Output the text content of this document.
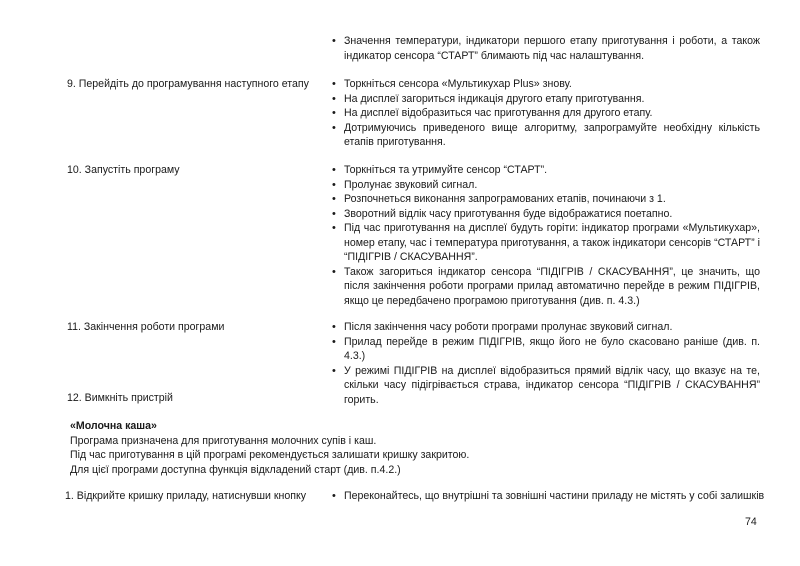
• Значення температури, індикатори першого етапу приготування і роботи, а також індикатор сенсора “СТАРТ” блимають під час налаштування.
9. Перейдіть до програмування наступного етапу	• Торкніться сенсора «Мультикухар Plus» знову.
• На дисплеї загориться індикація другого етапу приготування.
• На дисплеї відобразиться час приготування для другого етапу.
• Дотримуючись приведеного вище алгоритму, запрограмуйте необхідну кількість етапів приготування.
10. Запустіть програму	• Торкніться та утримуйте сенсор “СТАРТ”.
• Пролунає звуковий сигнал.
• Розпочнеться виконання запрограмованих етапів, починаючи з 1.
• Зворотний відлік часу приготування буде відображатися поетапно.
• Під час приготування на дисплеї будуть горіти: індикатор програми «Мультикухар», номер етапу, час і температура приготування, а також індикатори сенсорів “СТАРТ” і “ПІДІГРІВ / СКАСУВАННЯ”.
• Також загориться індикатор сенсора “ПІДІГРІВ / СКАСУВАННЯ”, це значить, що після закінчення роботи програми прилад автоматично перейде в режим ПІДІГРІВ, якщо це передбачено програмою приготування (див. п. 4.3.)
11. Закінчення роботи програми	• Після закінчення часу роботи програми пролунає звуковий сигнал.
• Прилад перейде в режим ПІДІГРІВ, якщо його не було скасовано раніше (див. п. 4.3.)
• У режимі ПІДІГРІВ на дисплеї відобразиться прямий відлік часу, що вказує на те, скільки часу підігрівається страва, індикатор сенсора “ПІДІГРІВ / СКАСУВАННЯ” горить.
12. Вимкніть пристрій
«Молочна каша»
Програма призначена для приготування молочних супів і каш.
Під час приготування в цій програмі рекомендується залишати кришку закритою.
Для цієї програми доступна функція відкладений старт (див. п.4.2.)
1. Відкрийте кришку приладу, натиснувши кнопку	• Переконайтесь, що внутрішні та зовнішні частини приладу не містять у собі залишків
74
